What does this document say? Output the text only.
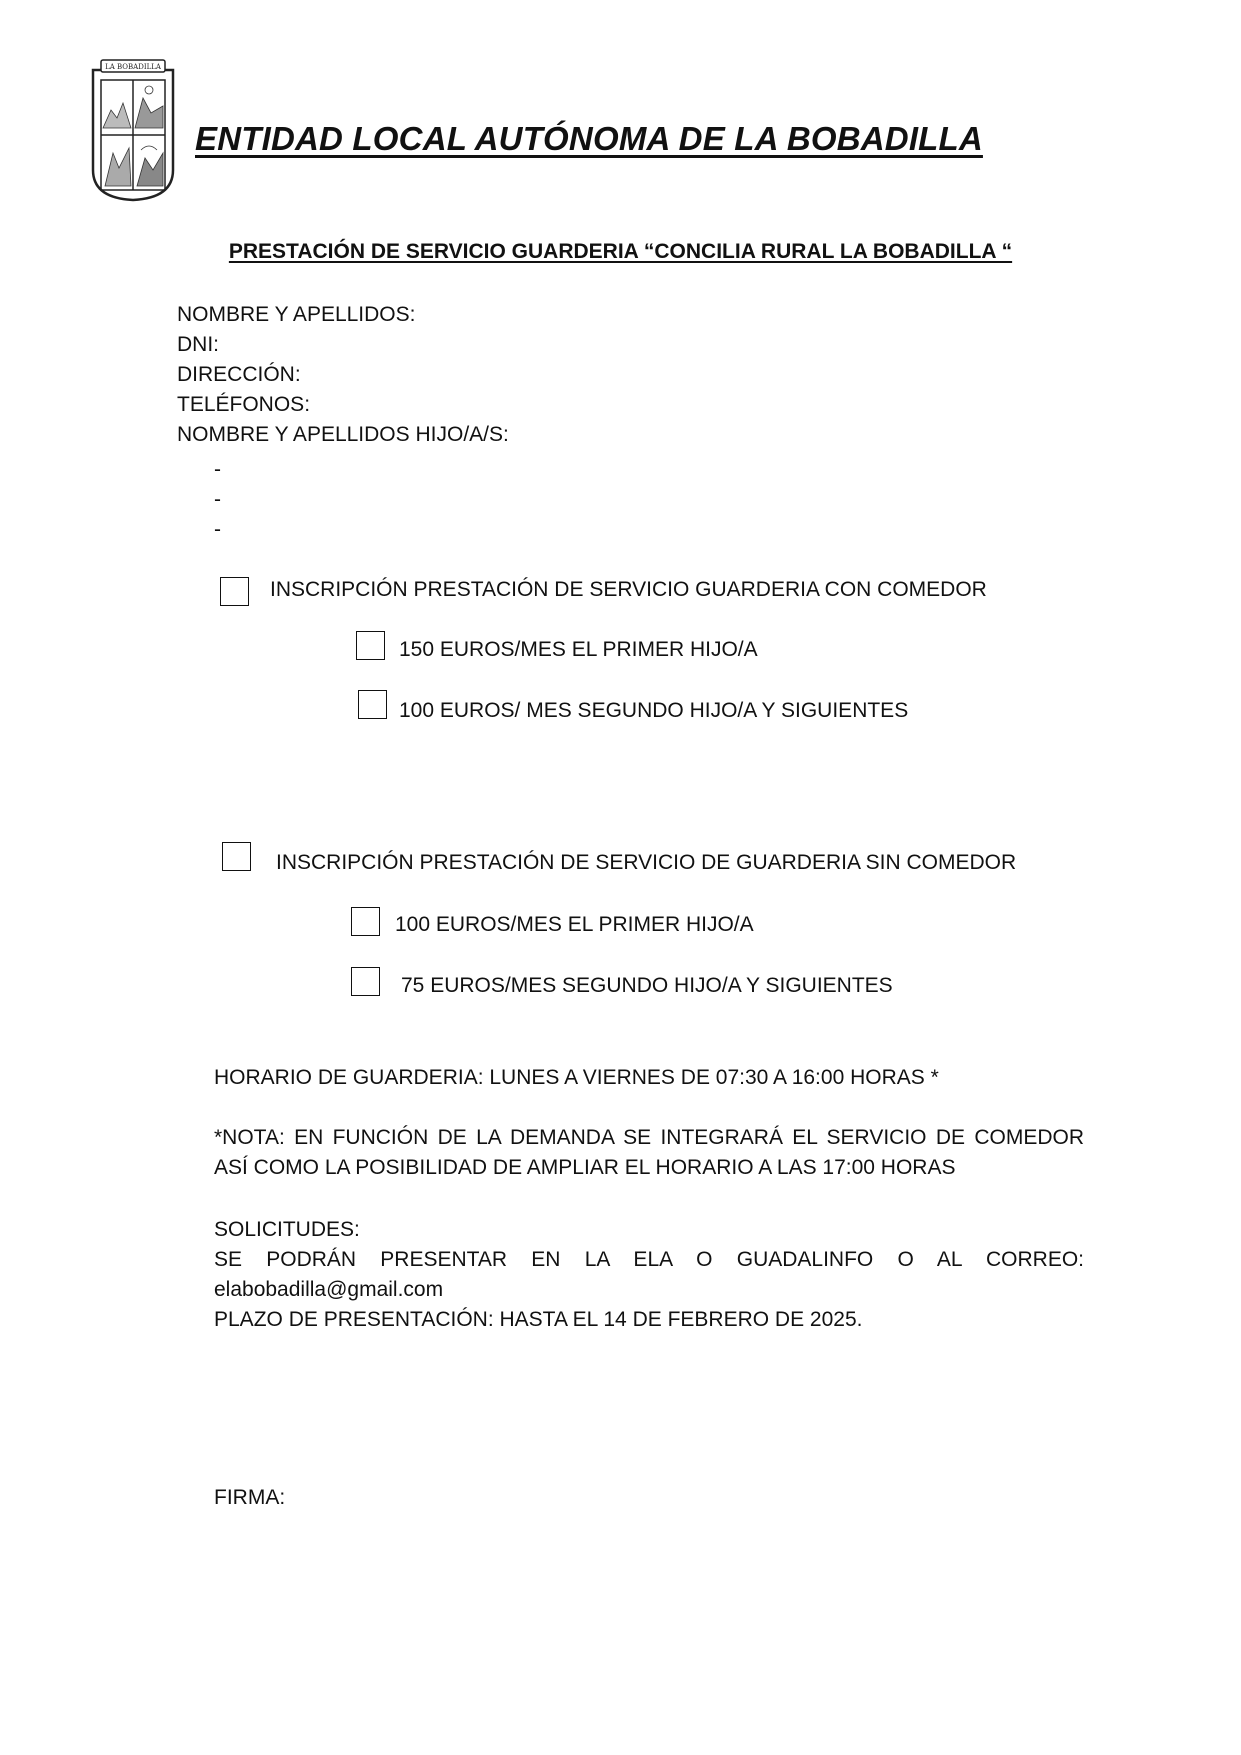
LA BOBADILLA
ENTIDAD LOCAL AUTÓNOMA DE LA BOBADILLA
PRESTACIÓN DE SERVICIO GUARDERIA “CONCILIA RURAL LA BOBADILLA “
NOMBRE Y APELLIDOS:
DNI:
DIRECCIÓN:
TELÉFONOS:
NOMBRE Y APELLIDOS HIJO/A/S:
-
-
-
INSCRIPCIÓN PRESTACIÓN DE SERVICIO GUARDERIA CON COMEDOR
150 EUROS/MES EL PRIMER HIJO/A
100 EUROS/ MES SEGUNDO HIJO/A Y SIGUIENTES
INSCRIPCIÓN PRESTACIÓN DE SERVICIO DE GUARDERIA SIN COMEDOR
100 EUROS/MES EL PRIMER HIJO/A
75 EUROS/MES SEGUNDO HIJO/A Y SIGUIENTES
HORARIO DE GUARDERIA: LUNES A VIERNES DE 07:30 A 16:00 HORAS *
*NOTA: EN FUNCIÓN DE LA DEMANDA SE INTEGRARÁ EL SERVICIO DE COMEDOR ASÍ COMO LA POSIBILIDAD DE AMPLIAR EL HORARIO A LAS 17:00 HORAS
SOLICITUDES:
SE PODRÁN PRESENTAR EN LA ELA O GUADALINFO O AL CORREO:
elabobadilla@gmail.com
PLAZO DE PRESENTACIÓN: HASTA EL 14 DE FEBRERO DE 2025.
FIRMA:
